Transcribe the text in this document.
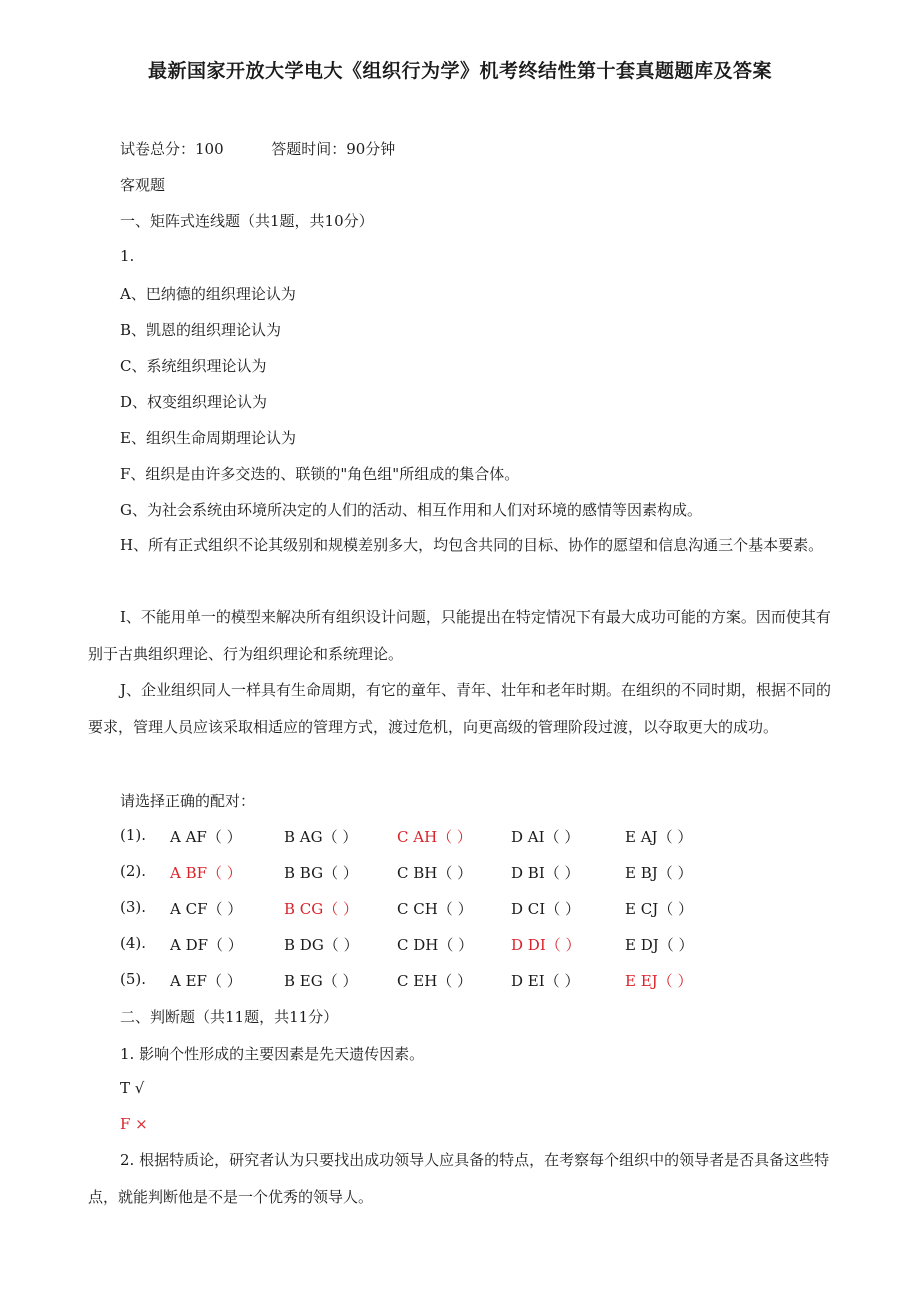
最新国家开放大学电大《组织行为学》机考终结性第十套真题题库及答案
试卷总分：100	答题时间：90分钟
客观题
一、矩阵式连线题（共1题，共10分）
1.
A、巴纳德的组织理论认为
B、凯恩的组织理论认为
C、系统组织理论认为
D、权变组织理论认为
E、组织生命周期理论认为
F、组织是由许多交迭的、联锁的"角色组"所组成的集合体。
G、为社会系统由环境所决定的人们的活动、相互作用和人们对环境的感情等因素构成。
H、所有正式组织不论其级别和规模差别多大，均包含共同的目标、协作的愿望和信息沟通三个基本要素。
I、不能用单一的模型来解决所有组织设计问题，只能提出在特定情况下有最大成功可能的方案。因而使其有别于古典组织理论、行为组织理论和系统理论。
J、企业组织同人一样具有生命周期，有它的童年、青年、壮年和老年时期。在组织的不同时期，根据不同的要求，管理人员应该采取相适应的管理方式，渡过危机，向更高级的管理阶段过渡，以夺取更大的成功。
请选择正确的配对：
(1). A AF（ ）	B AG（ ）	C AH（ ）	D AI（ ）	E AJ（ ）
(2). A BF（ ）	B BG（ ）	C BH（ ）	D BI（ ）	E BJ（ ）
(3). A CF（ ）	B CG（ ）	C CH（ ）	D CI（ ）	E CJ（ ）
(4). A DF（ ）	B DG（ ）	C DH（ ）	D DI（ ）	E DJ（ ）
(5). A EF（ ）	B EG（ ）	C EH（ ）	D EI（ ）	E EJ（ ）
二、判断题（共11题，共11分）
1. 影响个性形成的主要因素是先天遗传因素。
T √
F ×
2. 根据特质论，研究者认为只要找出成功领导人应具备的特点，在考察每个组织中的领导者是否具备这些特点，就能判断他是不是一个优秀的领导人。
